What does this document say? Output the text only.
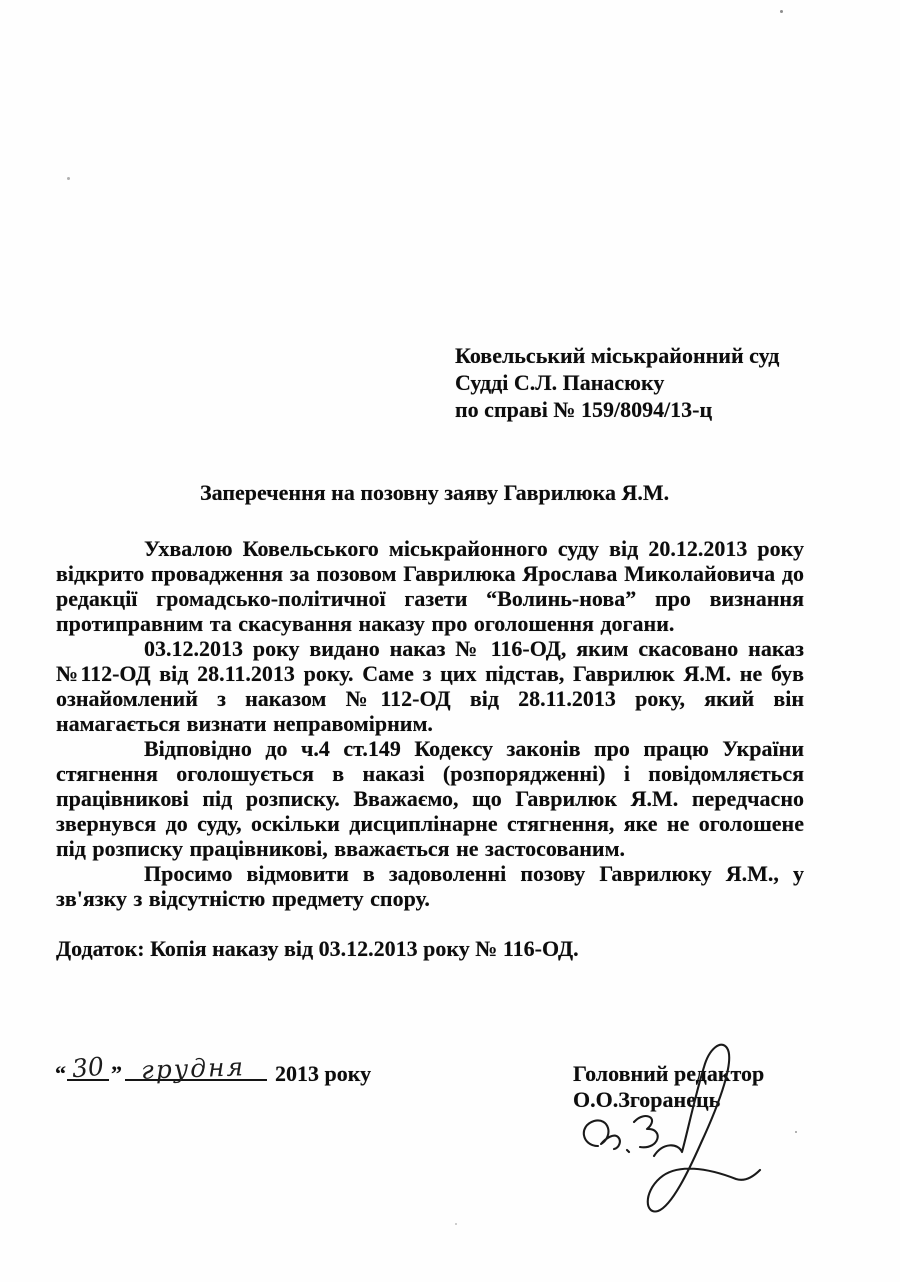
Ковельський міськрайонний суд
Судді С.Л. Панасюку
по справі № 159/8094/13-ц
Заперечення на позовну заяву Гаврилюка Я.М.

Ухвалою Ковельського міськрайонного суду від 20.12.2013 року відкрито провадження за позовом Гаврилюка Ярослава Миколайовича до редакції громадсько-політичної газети “Волинь-нова” про визнання протиправним та скасування наказу про оголошення догани.

03.12.2013 року видано наказ № 116-ОД, яким скасовано наказ №112-ОД від 28.11.2013 року. Саме з цих підстав, Гаврилюк Я.М. не був ознайомлений з наказом №112-ОД від 28.11.2013 року, який він намагається визнати неправомірним.

Відповідно до ч.4 ст.149 Кодексу законів про працю України стягнення оголошується в наказі (розпорядженні) і повідомляється працівникові під розписку. Вважаємо, що Гаврилюк Я.М. передчасно звернувся до суду, оскільки дисциплінарне стягнення, яке не оголошене під розписку працівникові, вважається не застосованим.

Просимо відмовити в задоволенні позову Гаврилюку Я.М., у зв'язку з відсутністю предмету спору.

Додаток: Копія наказу від 03.12.2013 року № 116-ОД.
“ 30 ” грудня 2013 року	Головний редактор
О.О.Згоранець
